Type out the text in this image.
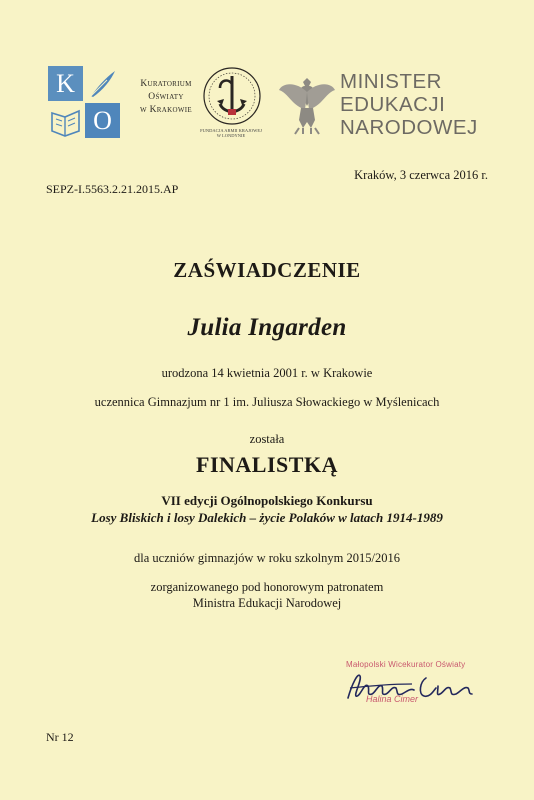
K
O
Kuratorium
Oświaty
w Krakowie
FUNDACJA ARMII KRAJOWEJ
W LONDYNIE
MINISTER
EDUKACJI
NARODOWEJ
Kraków, 3 czerwca 2016 r.
SEPZ-I.5563.2.21.2015.AP
ZAŚWIADCZENIE
Julia Ingarden
urodzona 14 kwietnia 2001 r. w Krakowie
uczennica Gimnazjum nr 1 im. Juliusza Słowackiego w Myślenicach
została
FINALISTKĄ
VII edycji Ogólnopolskiego Konkursu
Losy Bliskich i losy Dalekich – życie Polaków w latach 1914-1989
dla uczniów gimnazjów w roku szkolnym 2015/2016
zorganizowanego pod honorowym patronatem
Ministra Edukacji Narodowej
Małopolski Wicekurator Oświaty
Halina Cimer
Nr 12
